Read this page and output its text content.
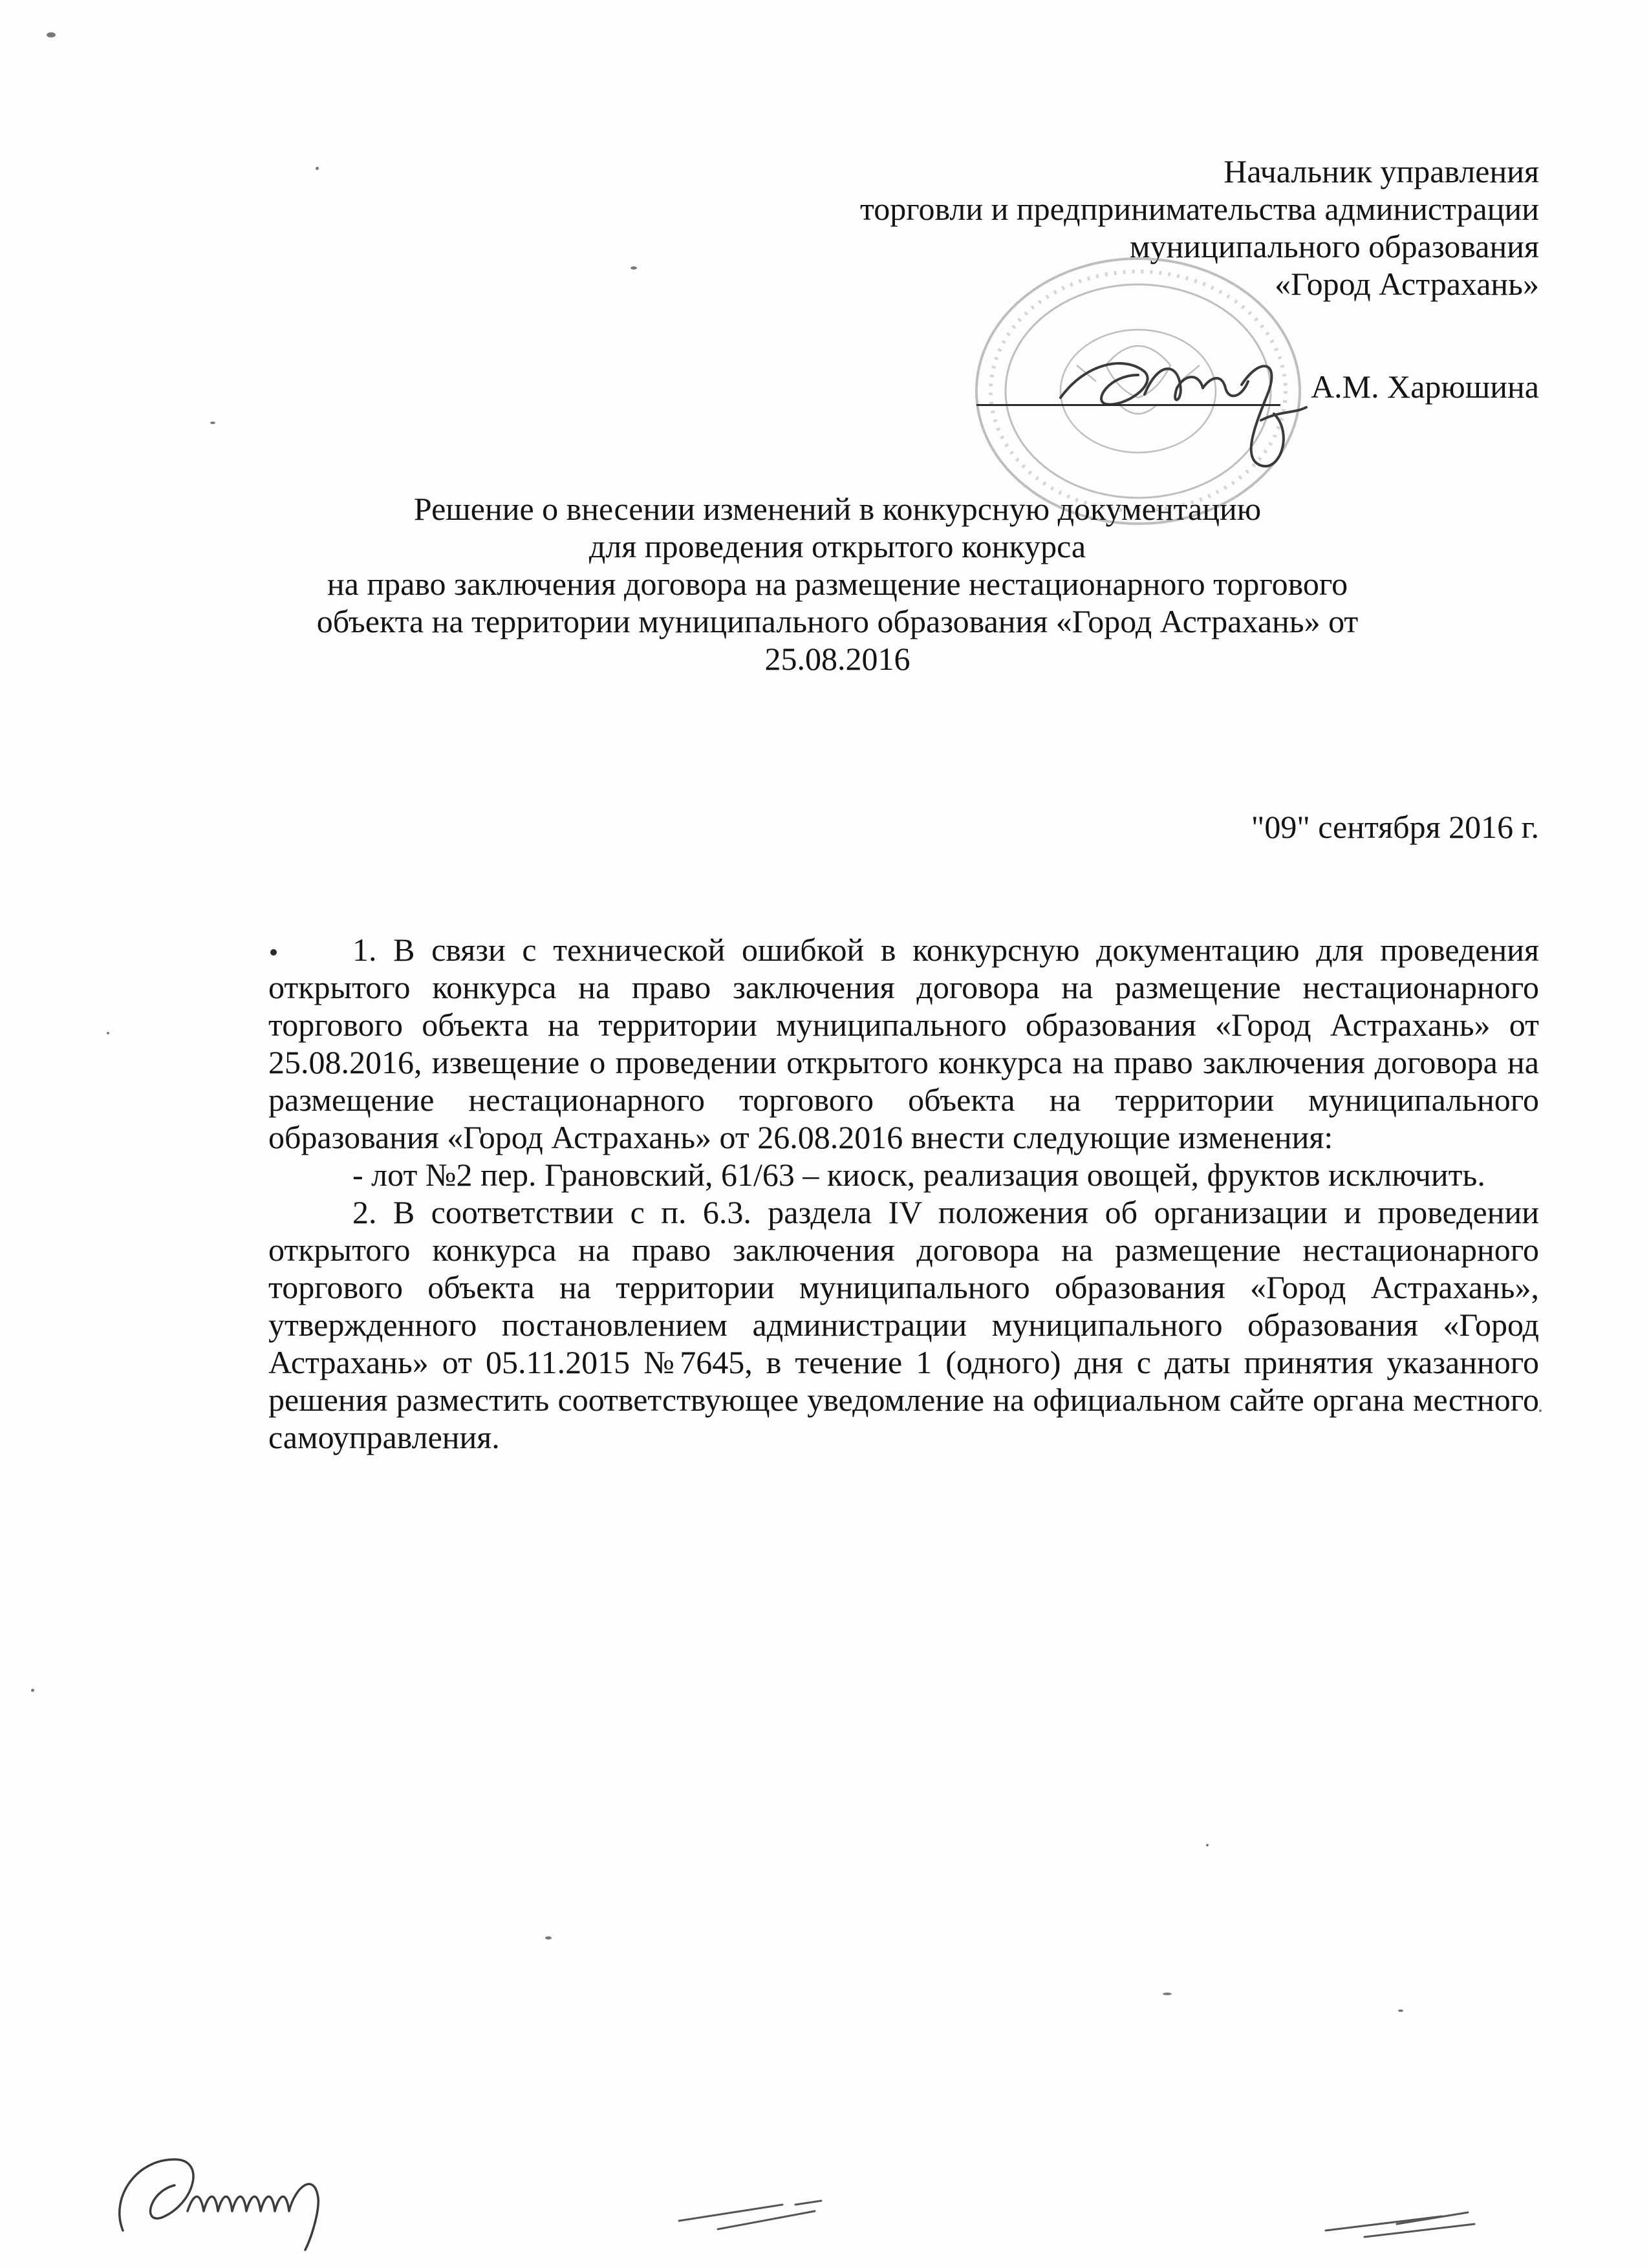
Начальник управления
торговли и предпринимательства администрации
муниципального образования
«Город Астрахань»
А.М. Харюшина
Решение о внесении изменений в конкурсную документацию
для проведения открытого конкурса
на право заключения договора на размещение нестационарного торгового
объекта на территории муниципального образования «Город Астрахань» от
25.08.2016
"09" сентября 2016 г.

1. В связи с технической ошибкой в конкурсную документацию для проведения открытого конкурса на право заключения договора на размещение нестационарного торгового объекта на территории муниципального образования «Город Астрахань» от 25.08.2016, извещение о проведении открытого конкурса на право заключения договора на размещение нестационарного торгового объекта на территории муниципального образования «Город Астрахань» от 26.08.2016 внести следующие изменения:

- лот №2 пер. Грановский, 61/63 – киоск, реализация овощей, фруктов исключить.

2. В соответствии с п. 6.3. раздела IV положения об организации и проведении открытого конкурса на право заключения договора на размещение нестационарного торгового объекта на территории муниципального образования «Город Астрахань», утвержденного постановлением администрации муниципального образования «Город Астрахань» от 05.11.2015 №7645, в течение 1 (одного) дня с даты принятия указанного решения разместить соответствующее уведомление на официальном сайте органа местного самоуправления.
